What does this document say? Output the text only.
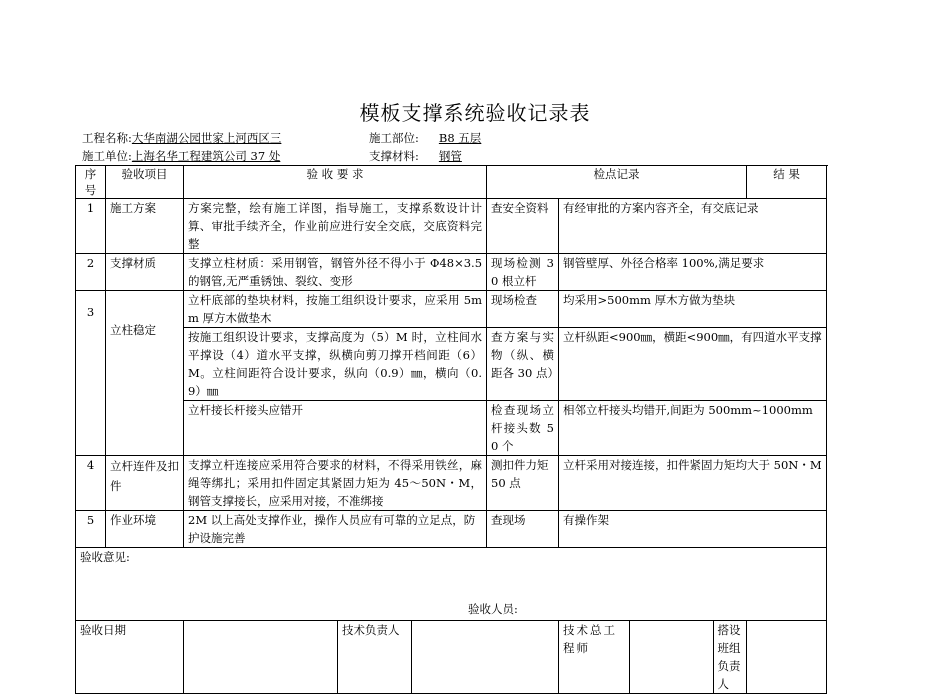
模板支撑系统验收记录表
工程名称:大华南湖公园世家上河西区三	施工部位: B8 五层
施工单位:上海名华工程建筑公司 37 处	支撑材料: 钢管
序号	验收项目	验 收 要 求	检点记录	结 果
1	施工方案	方案完整，绘有施工详图，指导施工，支撑系数设计计算、审批手续齐全，作业前应进行安全交底，交底资料完整	查安全资料	有经审批的方案内容齐全，有交底记录
2	支撑材质	支撑立柱材质：采用钢管，钢管外径不得小于 Φ48×3.5 的钢管,无严重锈蚀、裂纹、变形	现场检测 30 根立杆	钢管壁厚、外径合格率 100%,满足要求
3	立柱稳定	立杆底部的垫块材料，按施工组织设计要求，应采用 5mm 厚方木做垫木	现场检查	均采用>500mm 厚木方做为垫块
按施工组织设计要求，支撑高度为（5）M 时，立柱间水平撑设（4）道水平支撑，纵横向剪刀撑开档间距（6）M。立柱间距符合设计要求，纵向（0.9）㎜，横向（0.9）㎜	查方案与实物（纵、横距各 30 点）	立杆纵距<900㎜，横距<900㎜，有四道水平支撑
立杆接长杆接头应错开	检查现场立杆接头数 50 个	相邻立杆接头均错开,间距为 500mm~1000mm
4	立杆连件及扣件	支撑立杆连接应采用符合要求的材料，不得采用铁丝，麻绳等绑扎；采用扣件固定其紧固力矩为 45～50N・M，钢管支撑接长，应采用对接，不准绑接	测扣件力矩 50 点	立杆采用对接连接，扣件紧固力矩均大于 50N・M
5	作业环境	2M 以上高处支撑作业，操作人员应有可靠的立足点，防护设施完善	查现场	有操作架
验收意见:
验收人员:

验收日期		技术负责人			技术总工程师		搭设班组负责人
